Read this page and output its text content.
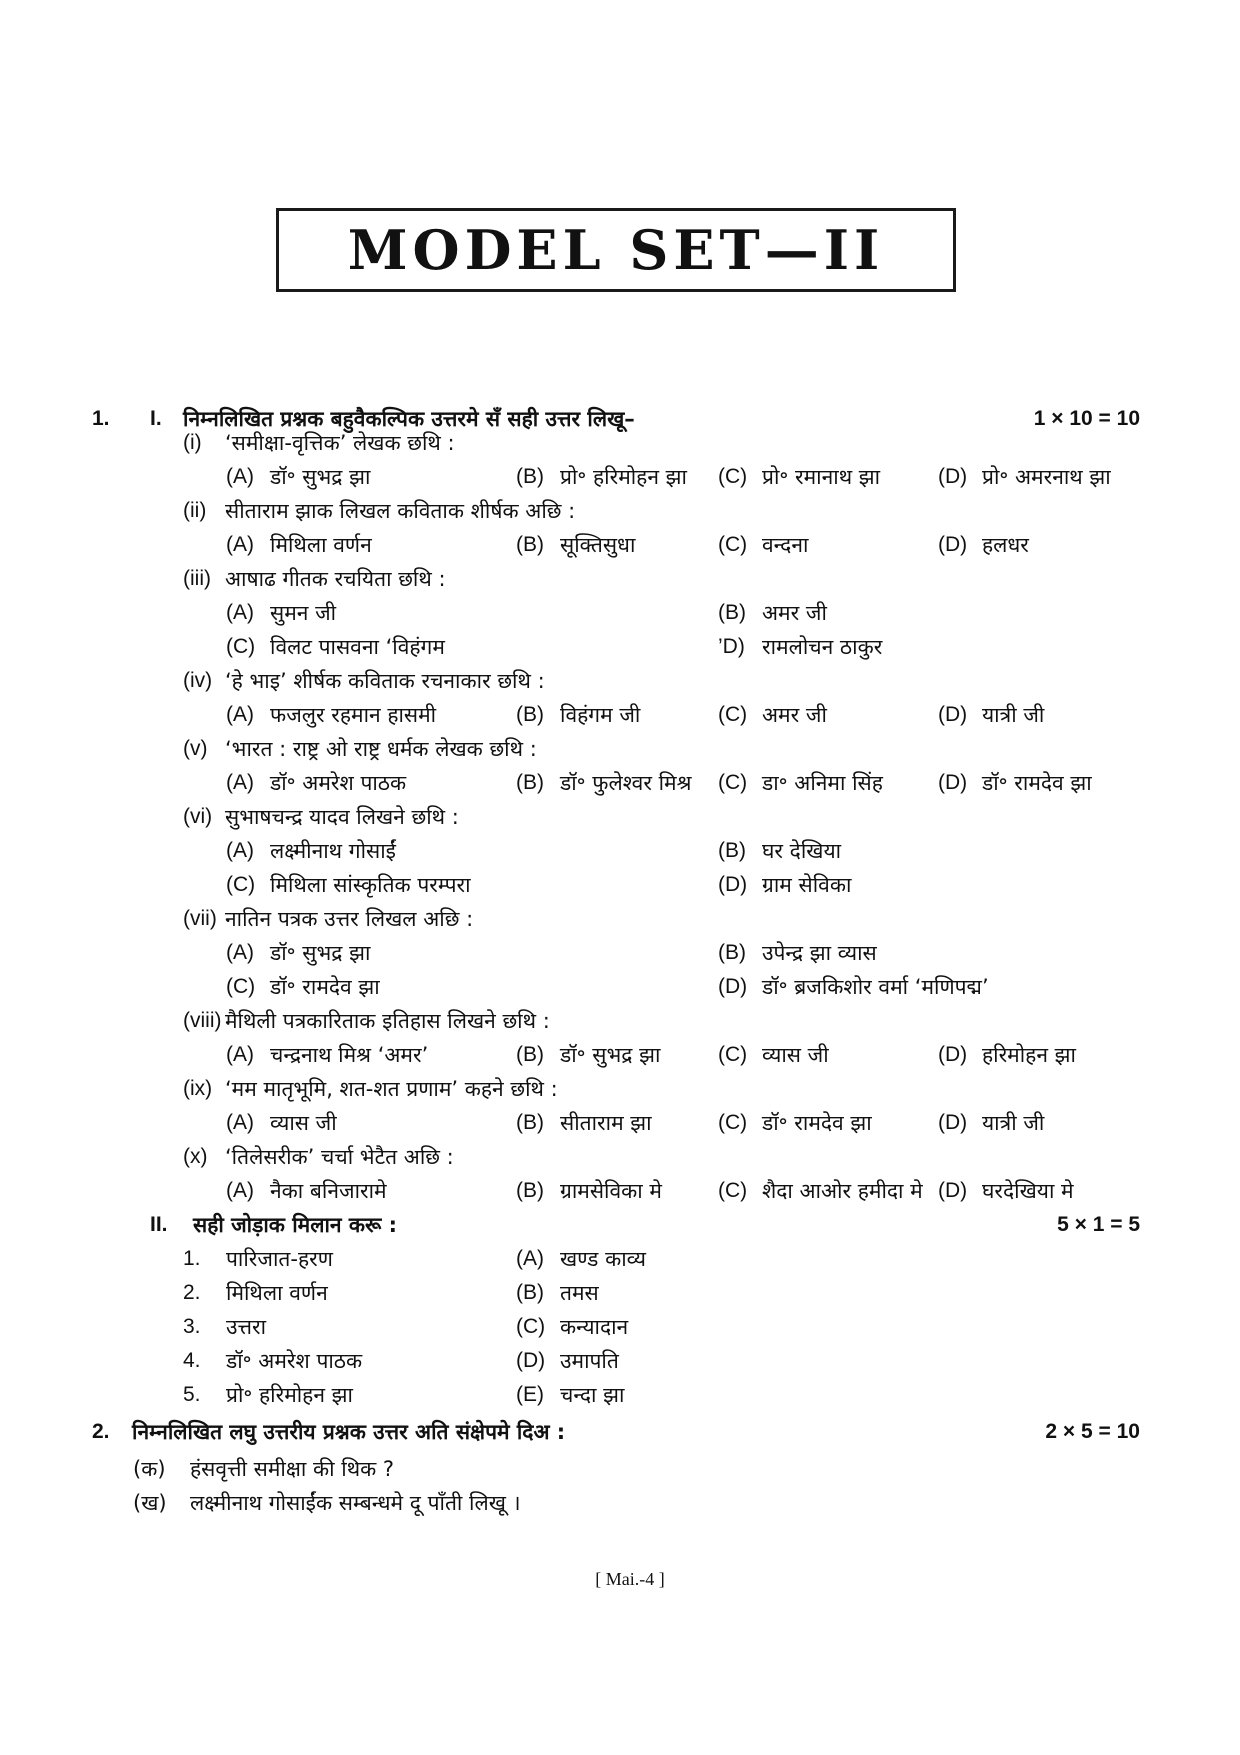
MODEL SET—II
1. I. निम्नलिखित प्रश्नक बहुवैकल्पिक उत्तरमे सँ सही उत्तर लिखू–	1 × 10 = 10
(i) ‘समीक्षा-वृत्तिक’ लेखक छथि :
(A) डॉ॰ सुभद्र झा	(B) प्रो॰ हरिमोहन झा (C) प्रो॰ रमानाथ झा	(D) प्रो॰ अमरनाथ झा
(ii) सीताराम झाक लिखल कविताक शीर्षक अछि :
(A) मिथिला वर्णन	(B) सूक्तिसुधा	(C) वन्दना	(D) हलधर
(iii) आषाढ गीतक रचयिता छथि :
(A) सुमन जी	(B) अमर जी
(C) विलट पासवना ‘विहंगम	’D) रामलोचन ठाकुर
(iv) ‘हे भाइ’ शीर्षक कविताक रचनाकार छथि :
(A) फजलुर रहमान हासमी	(B) विहंगम जी	(C) अमर जी	(D) यात्री जी
(v) ‘भारत : राष्ट्र ओ राष्ट्र धर्मक लेखक छथि :
(A) डॉ॰ अमरेश पाठक	(B) डॉ॰ फुलेश्वर मिश्र (C) डा॰ अनिमा सिंह	(D) डॉ॰ रामदेव झा
(vi) सुभाषचन्द्र यादव लिखने छथि :
(A) लक्ष्मीनाथ गोसाईं	(B) घर देखिया
(C) मिथिला सांस्कृतिक परम्परा	(D) ग्राम सेविका
(vii) नातिन पत्रक उत्तर लिखल अछि :
(A) डॉ॰ सुभद्र झा	(B) उपेन्द्र झा व्यास
(C) डॉ॰ रामदेव झा	(D) डॉ॰ ब्रजकिशोर वर्मा ‘मणिपद्म’
(viii) मैथिली पत्रकारिताक इतिहास लिखने छथि :
(A) चन्द्रनाथ मिश्र ‘अमर’	(B) डॉ॰ सुभद्र झा	(C) व्यास जी	(D) हरिमोहन झा
(ix) ‘मम मातृभूमि, शत-शत प्रणाम’ कहने छथि :
(A) व्यास जी	(B) सीताराम झा	(C) डॉ॰ रामदेव झा	(D) यात्री जी
(x) ‘तिलेसरीक’ चर्चा भेटैत अछि :
(A) नैका बनिजारामे	(B) ग्रामसेविका मे	(C) शैदा आओर हमीदा मे (D) घरदेखिया मे
II. सही जोड़ाक मिलान करू :	5 × 1 = 5
1. पारिजात-हरण	(A) खण्ड काव्य
2. मिथिला वर्णन	(B) तमस
3. उत्तरा	(C) कन्यादान
4. डॉ॰ अमरेश पाठक	(D) उमापति
5. प्रो॰ हरिमोहन झा	(E) चन्दा झा
2. निम्नलिखित लघु उत्तरीय प्रश्नक उत्तर अति संक्षेपमे दिअ :	2 × 5 = 10
(क) हंसवृत्ती समीक्षा की थिक ?
(ख) लक्ष्मीनाथ गोसाईंक सम्बन्धमे दू पाँती लिखू ।
[ Mai.-4 ]
